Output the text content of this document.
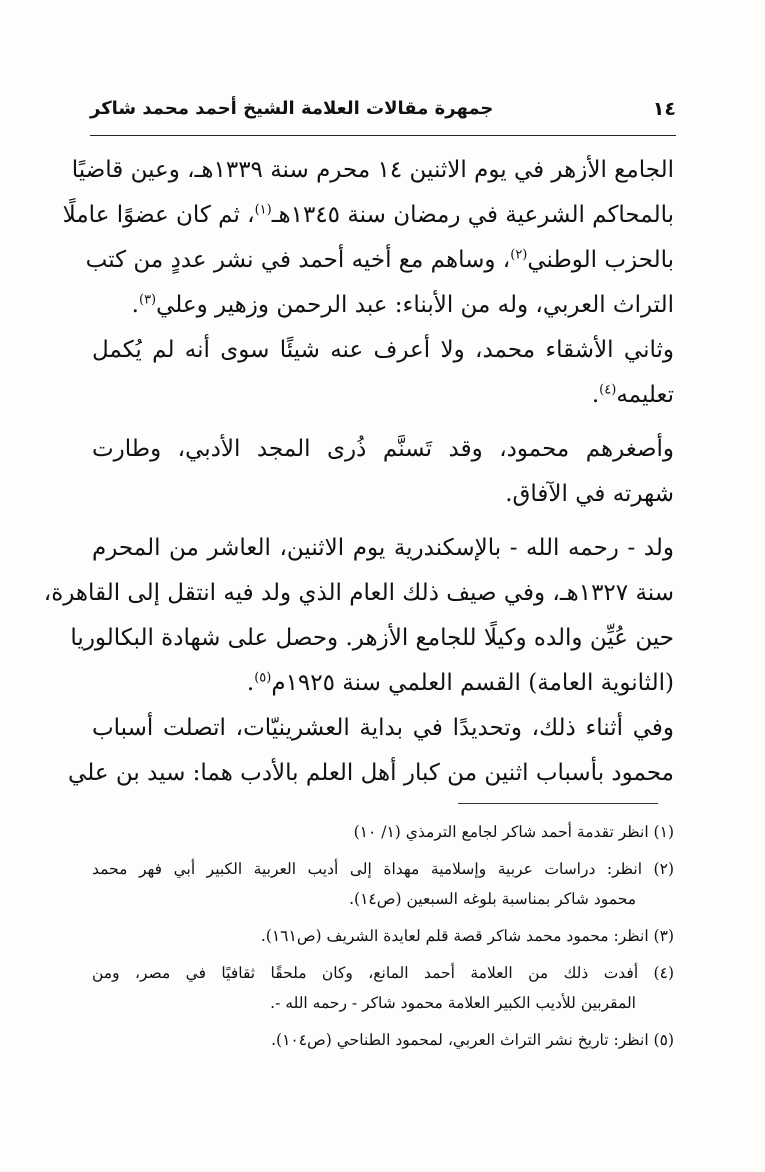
١٤
جمهرة مقالات العلامة الشيخ أحمد محمد شاكر
الجامع الأزهر في يوم الاثنين ١٤ محرم سنة ١٣٣٩هـ، وعين قاضيًا
بالمحاكم الشرعية في رمضان سنة ١٣٤٥هـ$^{(١)}$، ثم كان عضوًا عاملًا
بالحزب الوطني$^{(٢)}$، وساهم مع أخيه أحمد في نشر عددٍ من كتب
التراث العربي، وله من الأبناء: عبد الرحمن وزهير وعلي$^{(٣)}$.
وثاني الأشقاء محمد، ولا أعرف عنه شيئًا سوى أنه لم يُكمل
تعليمه$^{(٤)}$.
وأصغرهم محمود، وقد تَسنَّم ذُرى المجد الأدبي، وطارت
شهرته في الآفاق.
ولد - رحمه الله - بالإسكندرية يوم الاثنين، العاشر من المحرم
سنة ١٣٢٧هـ، وفي صيف ذلك العام الذي ولد فيه انتقل إلى القاهرة،
حين عُيِّن والده وكيلًا للجامع الأزهر. وحصل على شهادة البكالوريا
(الثانوية العامة) القسم العلمي سنة ١٩٢٥م$^{(٥)}$.
وفي أثناء ذلك، وتحديدًا في بداية العشرينيّات، اتصلت أسباب
محمود بأسباب اثنين من كبار أهل العلم بالأدب هما: سيد بن علي
(١) انظر تقدمة أحمد شاكر لجامع الترمذي (١/ ١٠)
(٢) انظر: دراسات عربية وإسلامية مهداة إلى أديب العربية الكبير أبي فهر محمد
محمود شاكر بمناسبة بلوغه السبعين (ص١٤).
(٣) انظر: محمود محمد شاكر قصة قلم لعايدة الشريف (ص١٦١).
(٤) أفدت ذلك من العلامة أحمد المانع، وكان ملحقًا ثقافيًا في مصر، ومن
المقربين للأديب الكبير العلامة محمود شاكر - رحمه الله -.
(٥) انظر: تاريخ نشر التراث العربي، لمحمود الطناحي (ص١٠٤).
